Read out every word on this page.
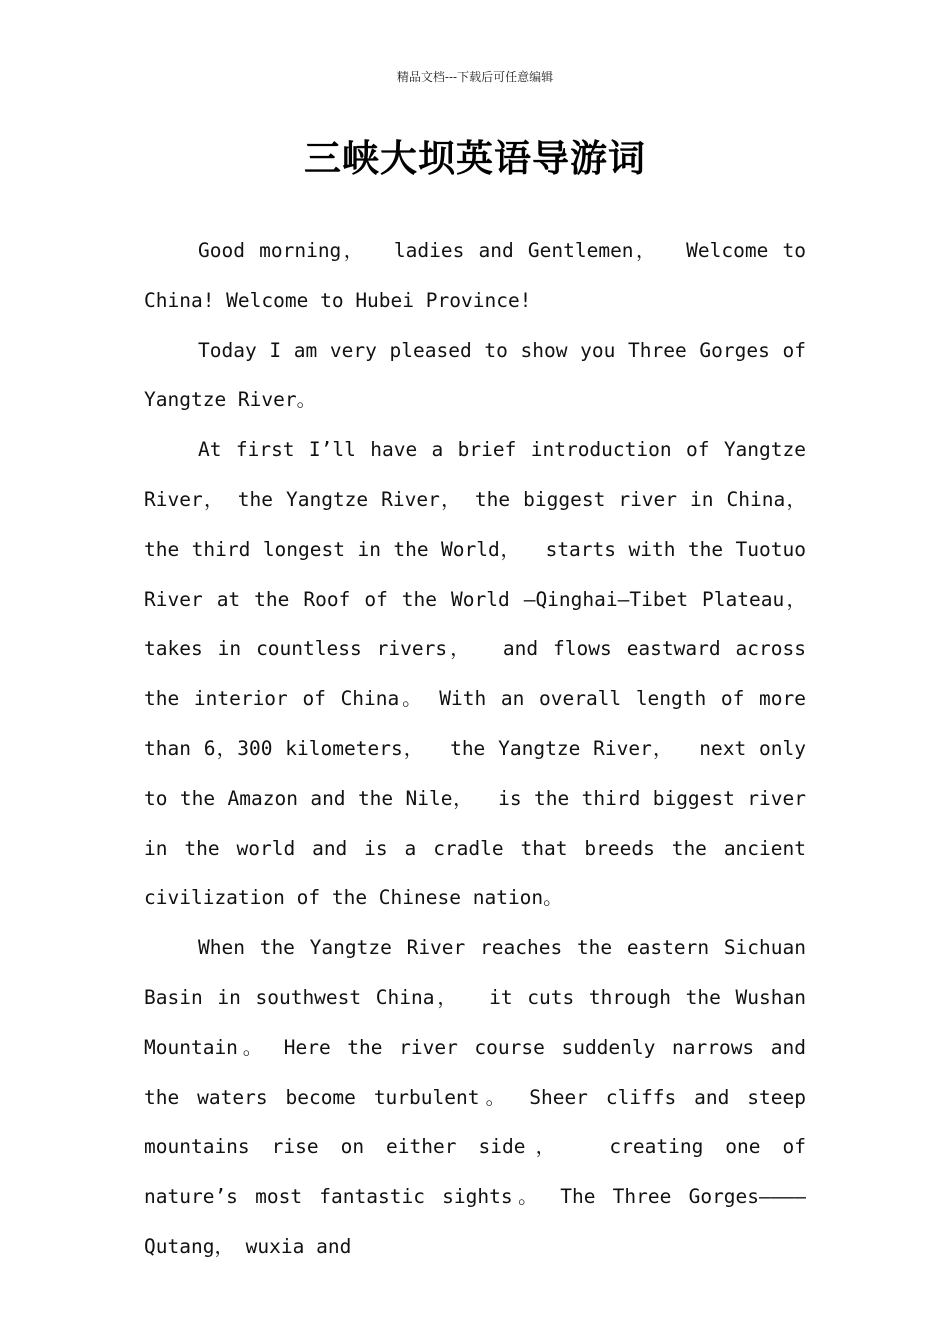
精品文档---下载后可任意编辑
三峡大坝英语导游词

Good morning，  ladies and Gentlemen，  Welcome to China! Welcome to Hubei Province!

Today I am very pleased to show you Three Gorges of Yangtze River。

At first I’ll have a brief introduction of Yangtze River， the Yangtze River， the biggest river in China， the third longest in the World，  starts with the Tuotuo River at the Roof of the World —Qinghai—Tibet Plateau， takes in countless rivers，  and flows eastward across the interior of China。 With an overall length of more than 6，300 kilometers，  the Yangtze River，  next only to the Amazon and the Nile，  is the third biggest river in the world and is a cradle that breeds the ancient civilization of the Chinese nation。

When the Yangtze River reaches the eastern Sichuan Basin in southwest China，  it cuts through the Wushan Mountain。 Here the river course suddenly narrows and the waters become turbulent。 Sheer cliffs and steep mountains rise on either side，  creating one of nature’s most fantastic sights。 The Three Gorges————Qutang， wuxia and
